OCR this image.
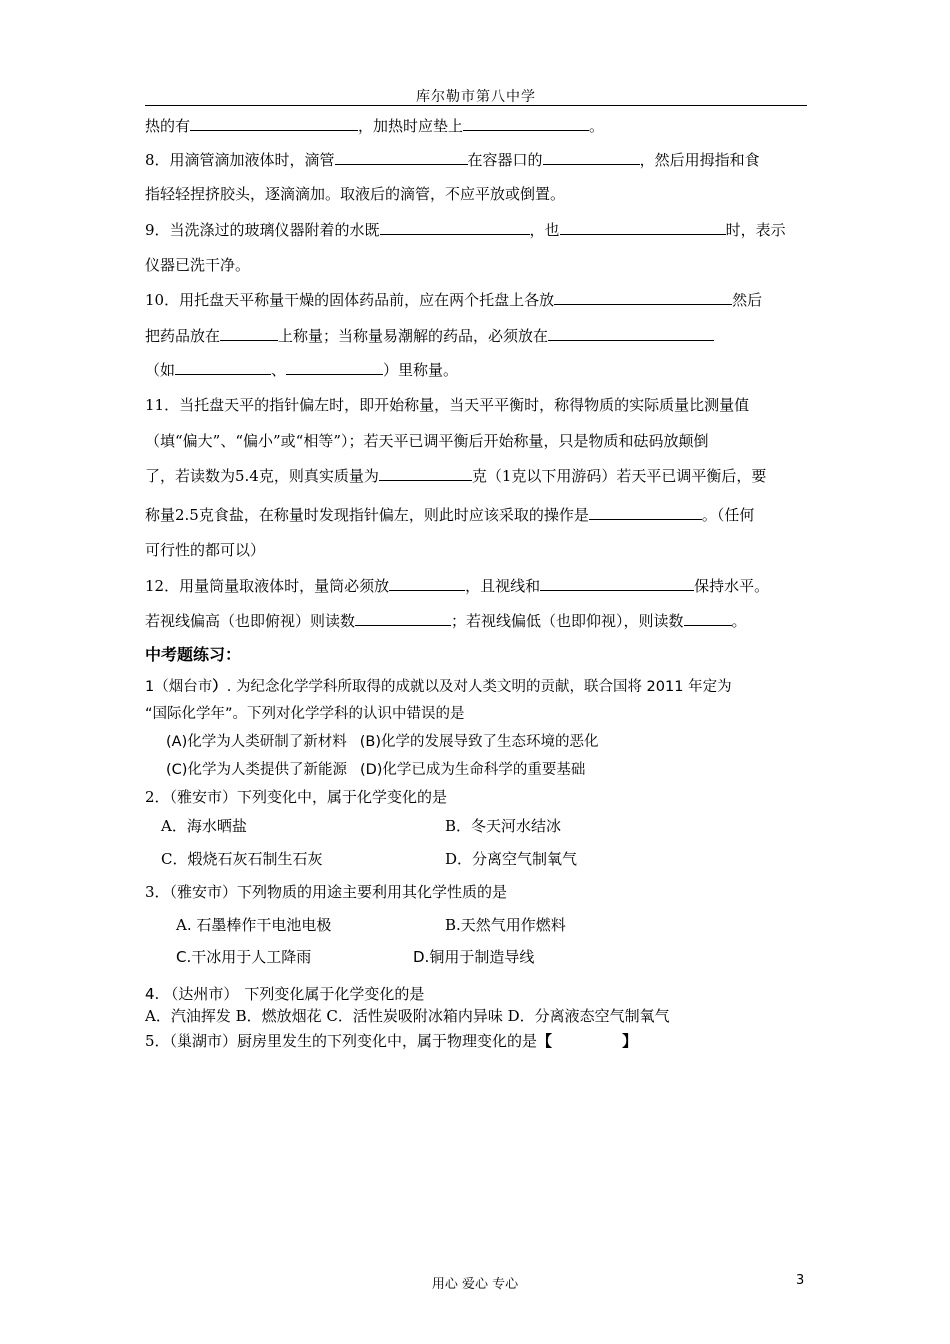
库尔勒市第八中学
热的有	，加热时应垫上	。
8．用滴管滴加液体时，滴管	在容器口的	，然后用拇指和食
指轻轻捏挤胶头，逐滴滴加。取液后的滴管，不应平放或倒置。
9．当洗涤过的玻璃仪器附着的水既	，也	时，表示
仪器已洗干净。
10．用托盘天平称量干燥的固体药品前，应在两个托盘上各放	然后
把药品放在	上称量；当称量易潮解的药品，必须放在
（如	、	）里称量。
11．当托盘天平的指针偏左时，即开始称量，当天平平衡时，称得物质的实际质量比测量值
（填“偏大”、“偏小”或“相等”）；若天平已调平衡后开始称量，只是物质和砝码放颠倒
了，若读数为5.4克，则真实质量为	克（1克以下用游码）若天平已调平衡后，要
称量2.5克食盐，在称量时发现指针偏左，则此时应该采取的操作是	。（任何
可行性的都可以）
12．用量筒量取液体时，量筒必须放	，且视线和	保持水平。
若视线偏高（也即俯视）则读数	；若视线偏低（也即仰视），则读数	。
中考题练习：
1（烟台市）. 为纪念化学学科所取得的成就以及对人类文明的贡献，联合国将 2011 年定为
“国际化学年”。下列对化学学科的认识中错误的是
(A)化学为人类研制了新材料 (B)化学的发展导致了生态环境的恶化
(C)化学为人类提供了新能源 (D)化学已成为生命科学的重要基础
2．（雅安市）下列变化中，属于化学变化的是
A．海水晒盐	B．冬天河水结冰
C．煅烧石灰石制生石灰	D．分离空气制氧气
3．（雅安市）下列物质的用途主要利用其化学性质的是
A. 石墨棒作干电池电极	B.天然气用作燃料
C.干冰用于人工降雨	D.铜用于制造导线
4. （达州市） 下列变化属于化学变化的是
A．汽油挥发 B．燃放烟花 C．活性炭吸附冰箱内异味 D．分离液态空气制氧气
5．（巢湖市）厨房里发生的下列变化中，属于物理变化的是【	】
用心 爱心 专心	3
